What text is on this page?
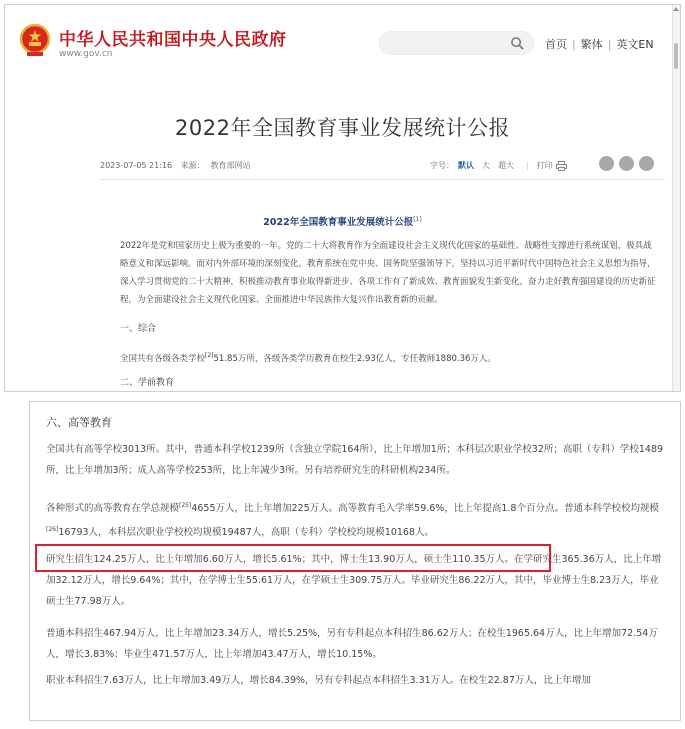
中华人民共和国中央人民政府
www.gov.cn
首页 | 繁体 | 英文EN
2022年全国教育事业发展统计公报
2023-07-05 21:16 来源： 教育部网站	字号： 默认 大 超大 | 打印
2022年全国教育事业发展统计公报[1]
2022年是党和国家历史上极为重要的一年。党的二十大将教育作为全面建设社会主义现代化国家的基础性、战略性支撑进行系统谋划，极具战略意义和深远影响。面对内外部环境的深刻变化，教育系统在党中央、国务院坚强领导下，坚持以习近平新时代中国特色社会主义思想为指导，深入学习贯彻党的二十大精神，积极推动教育事业取得新进步、各项工作有了新成效、教育面貌发生新变化，奋力走好教育强国建设的历史新征程，为全面建设社会主义现代化国家、全面推进中华民族伟大复兴作出教育新的贡献。
一、综合
全国共有各级各类学校[2]51.85万所，各级各类学历教育在校生2.93亿人，专任教师1880.36万人。
二、学前教育
六、高等教育
全国共有高等学校3013所。其中，普通本科学校1239所（含独立学院164所），比上年增加1所；本科层次职业学校32所；高职（专科）学校1489所，比上年增加3所；成人高等学校253所，比上年减少3所。另有培养研究生的科研机构234所。
各种形式的高等教育在学总规模[25]4655万人，比上年增加225万人。高等教育毛入学率59.6%，比上年提高1.8个百分点。普通本科学校校均规模[26]16793人，本科层次职业学校校均规模19487人，高职（专科）学校校均规模10168人。
研究生招生124.25万人，比上年增加6.60万人，增长5.61%；其中，博士生13.90万人，硕士生110.35万人。在学研究生365.36万人，比上年增加32.12万人，增长9.64%；其中，在学博士生55.61万人，在学硕士生309.75万人。毕业研究生86.22万人，其中，毕业博士生8.23万人，毕业硕士生77.98万人。
普通本科招生467.94万人，比上年增加23.34万人，增长5.25%，另有专科起点本科招生86.62万人；在校生1965.64万人，比上年增加72.54万人，增长3.83%；毕业生471.57万人，比上年增加43.47万人，增长10.15%。
职业本科招生7.63万人，比上年增加3.49万人，增长84.39%，另有专科起点本科招生3.31万人。在校生22.87万人，比上年增加
